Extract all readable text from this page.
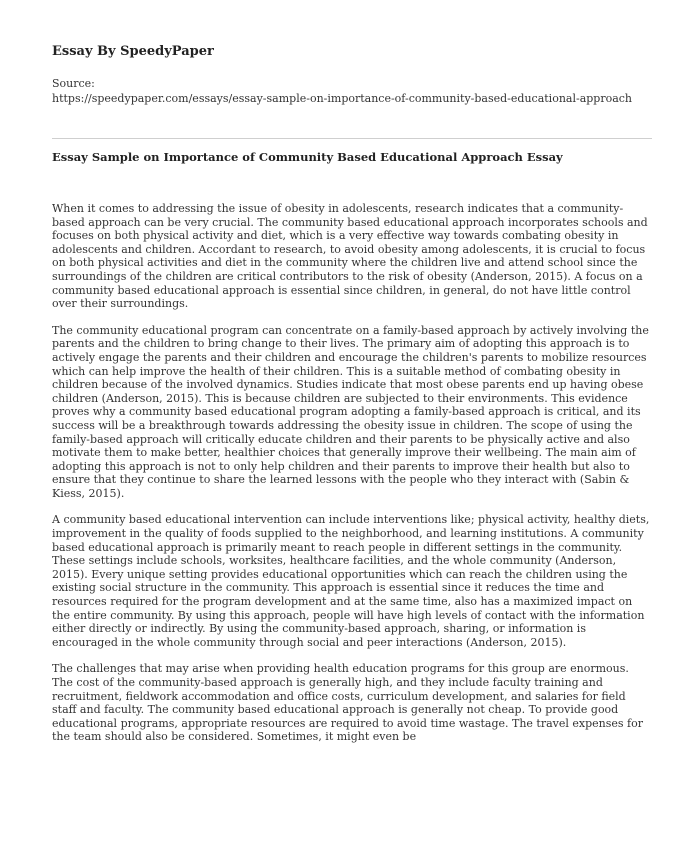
Essay By SpeedyPaper
Source:
https://speedypaper.com/essays/essay-sample-on-importance-of-community-based-educational-approach
Essay Sample on Importance of Community Based Educational Approach Essay

When it comes to addressing the issue of obesity in adolescents, research indicates that a community-based approach can be very crucial. The community based educational approach incorporates schools and focuses on both physical activity and diet, which is a very effective way towards combating obesity in adolescents and children. Accordant to research, to avoid obesity among adolescents, it is crucial to focus on both physical activities and diet in the community where the children live and attend school since the surroundings of the children are critical contributors to the risk of obesity (Anderson, 2015). A focus on a community based educational approach is essential since children, in general, do not have little control over their surroundings.

The community educational program can concentrate on a family-based approach by actively involving the parents and the children to bring change to their lives. The primary aim of adopting this approach is to actively engage the parents and their children and encourage the children's parents to mobilize resources which can help improve the health of their children. This is a suitable method of combating obesity in children because of the involved dynamics. Studies indicate that most obese parents end up having obese children (Anderson, 2015). This is because children are subjected to their environments. This evidence proves why a community based educational program adopting a family-based approach is critical, and its success will be a breakthrough towards addressing the obesity issue in children. The scope of using the family-based approach will critically educate children and their parents to be physically active and also motivate them to make better, healthier choices that generally improve their wellbeing. The main aim of adopting this approach is not to only help children and their parents to improve their health but also to ensure that they continue to share the learned lessons with the people who they interact with (Sabin & Kiess, 2015).

A community based educational intervention can include interventions like; physical activity, healthy diets, improvement in the quality of foods supplied to the neighborhood, and learning institutions. A community based educational approach is primarily meant to reach people in different settings in the community. These settings include schools, worksites, healthcare facilities, and the whole community (Anderson, 2015). Every unique setting provides educational opportunities which can reach the children using the existing social structure in the community. This approach is essential since it reduces the time and resources required for the program development and at the same time, also has a maximized impact on the entire community. By using this approach, people will have high levels of contact with the information either directly or indirectly. By using the community-based approach, sharing, or information is encouraged in the whole community through social and peer interactions (Anderson, 2015).

The challenges that may arise when providing health education programs for this group are enormous. The cost of the community-based approach is generally high, and they include faculty training and recruitment, fieldwork accommodation and office costs, curriculum development, and salaries for field staff and faculty. The community based educational approach is generally not cheap. To provide good educational programs, appropriate resources are required to avoid time wastage. The travel expenses for the team should also be considered. Sometimes, it might even be
